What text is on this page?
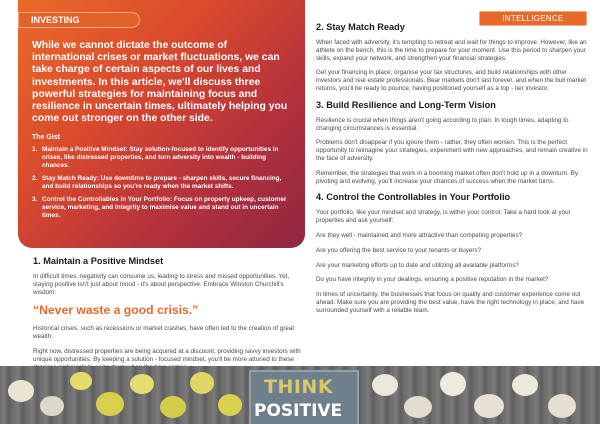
While we cannot dictate the outcome of international crises or market fluctuations, we can take charge of certain aspects of our lives and investments. In this article, we'll discuss three powerful strategies for maintaining focus and resilience in uncertain times, ultimately helping you come out stronger on the other side.
The Gist
1. Maintain a Positive Mindset: Stay solution-focused to identify opportunities in crises, like distressed properties, and turn adversity into wealth - building chances.
2. Stay Match Ready: Use downtime to prepare - sharpen skills, secure financing, and build relationships so you're ready when the market shifts.
3. Control the Controllables in Your Portfolio: Focus on property upkeep, customer service, marketing, and integrity to maximise value and stand out in uncertain times.
INVESTING
1. Maintain a Positive Mindset

In difficult times, negativity can consume us, leading to stress and missed opportunities. Yet, staying positive isn't just about mood - it's about perspective. Embrace Winston Churchill's wisdom:

“Never waste a good crisis.”

Historical crises, such as recessions or market crashes, have often led to the creation of great wealth.

Right now, distressed properties are being acquired at a discount, providing savvy investors with unique opportunities. By keeping a solution - focused mindset, you'll be more attuned to these

INTELLIGENCE
2. Stay Match Ready

When faced with adversity, it's tempting to retreat and wait for things to improve. However, like an athlete on the bench, this is the time to prepare for your moment. Use this period to sharpen your skills, expand your network, and strengthen your financial strategies.

Get your financing in place, organise your tax structures, and build relationships with other investors and real estate professionals. Bear markets don't last forever, and when the bull market returns, you'll be ready to pounce, having positioned yourself as a top - tier investor.

3. Build Resilience and Long-Term Vision

Resilience is crucial when things aren't going according to plan. In tough times, adapting to changing circumstances is essential.

Problems don't disappear if you ignore them - rather, they often worsen. This is the perfect opportunity to reimagine your strategies, experiment with new approaches, and remain creative in the face of adversity.

Remember, the strategies that work in a booming market often don't hold up in a downturn. By pivoting and evolving, you'll increase your chances of success when the market turns.

4. Control the Controllables in Your Portfolio

Your portfolio, like your mindset and strategy, is within your control. Take a hard look at your properties and ask yourself:

Are they well - maintained and more attractive than competing properties?

Are you offering the best service to your tenants or buyers?

Are your marketing efforts up to date and utilizing all available platforms?

Do you have integrity in your dealings, ensuring a positive reputation in the market?

In times of uncertainty, the businesses that focus on quality and customer experience come out ahead. Make sure you are providing the best value, have the right technology in place, and have surrounded yourself with a reliable team.

THINK
POSITIVE
